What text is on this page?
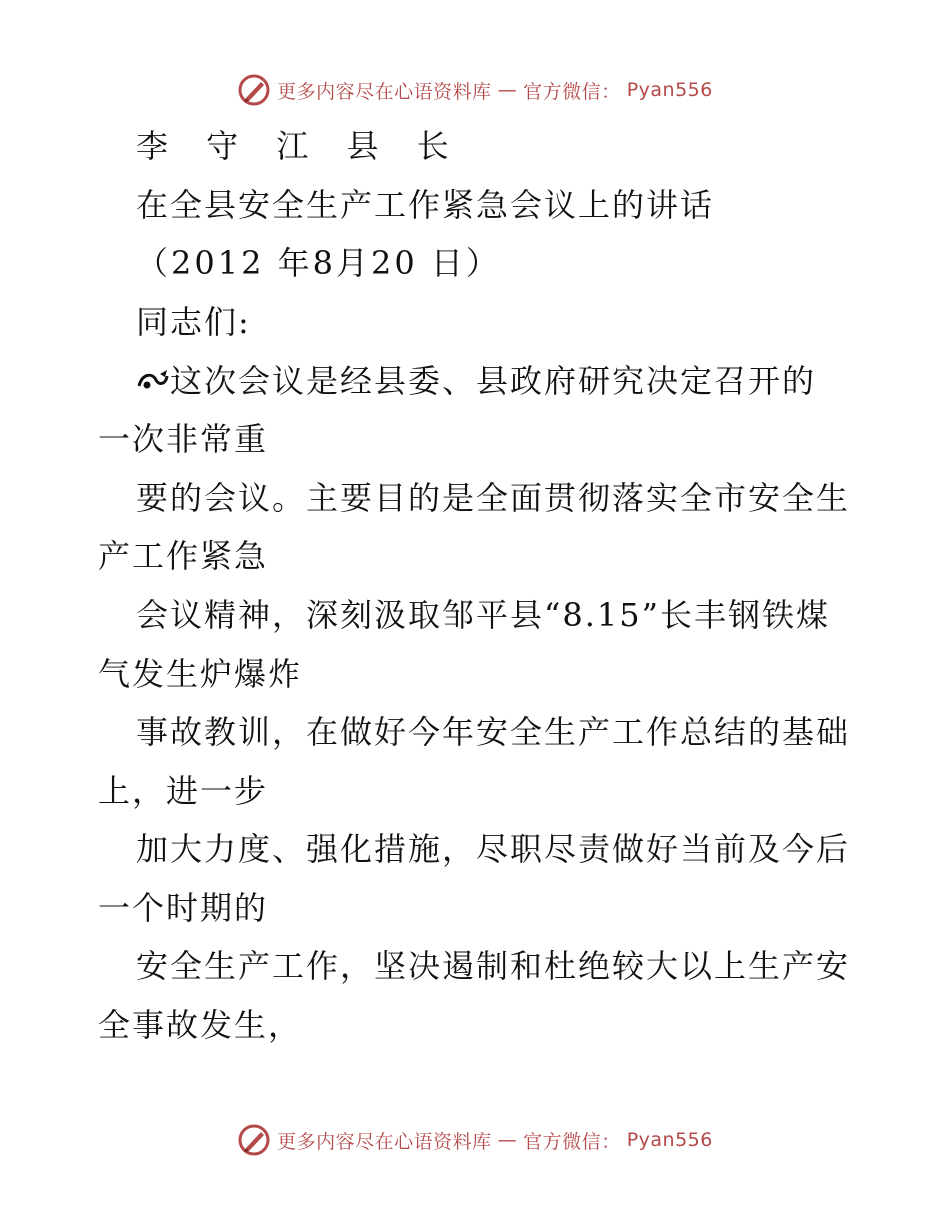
更多内容尽在心语资料库 — 官方微信： Pyan556
李 守 江 县 长
在全县安全生产工作紧急会议上的讲话
（2012 年8月20 日）
同志们:
这次会议是经县委、县政府研究决定召开的
一次非常重
要的会议。主要目的是全面贯彻落实全市安全生
产工作紧急
会议精神，深刻汲取邹平县“8.15”长丰钢铁煤
气发生炉爆炸
事故教训，在做好今年安全生产工作总结的基础
上，进一步
加大力度、强化措施，尽职尽责做好当前及今后
一个时期的
安全生产工作，坚决遏制和杜绝较大以上生产安
全事故发生，
更多内容尽在心语资料库 — 官方微信： Pyan556
